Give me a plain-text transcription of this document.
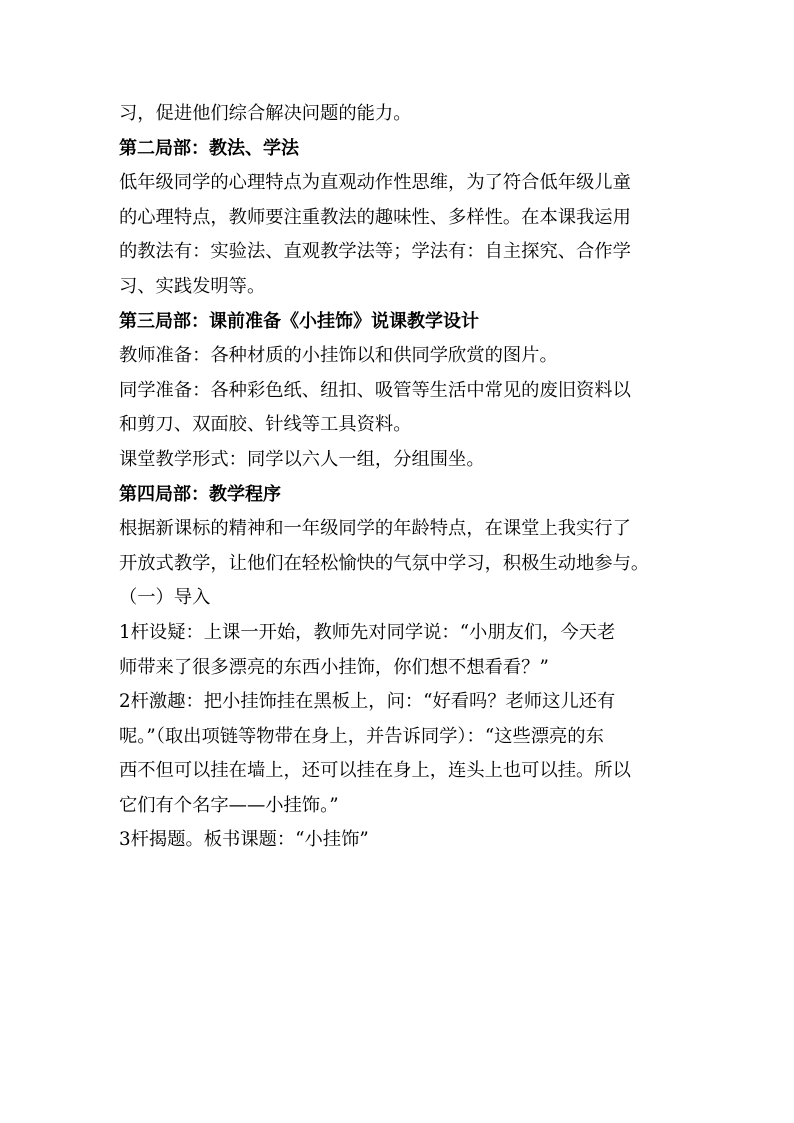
习，促进他们综合解决问题的能力。
第二局部：教法、学法
低年级同学的心理特点为直观动作性思维，为了符合低年级儿童
的心理特点，教师要注重教法的趣味性、多样性。在本课我运用
的教法有：实验法、直观教学法等；学法有：自主探究、合作学
习、实践发明等。
第三局部：课前准备《小挂饰》说课教学设计
教师准备：各种材质的小挂饰以和供同学欣赏的图片。
同学准备：各种彩色纸、纽扣、吸管等生活中常见的废旧资料以
和剪刀、双面胶、针线等工具资料。
课堂教学形式：同学以六人一组，分组围坐。
第四局部：教学程序
根据新课标的精神和一年级同学的年龄特点，在课堂上我实行了
开放式教学，让他们在轻松愉快的气氛中学习，积极生动地参与。
（一）导入
1杆设疑：上课一开始，教师先对同学说：“小朋友们，今天老
师带来了很多漂亮的东西小挂饰，你们想不想看看？”
2杆激趣：把小挂饰挂在黑板上，问：“好看吗？老师这儿还有
呢。”（取出项链等物带在身上，并告诉同学）：“这些漂亮的东
西不但可以挂在墙上，还可以挂在身上，连头上也可以挂。所以
它们有个名字——小挂饰。”
3杆揭题。板书课题：“小挂饰”
